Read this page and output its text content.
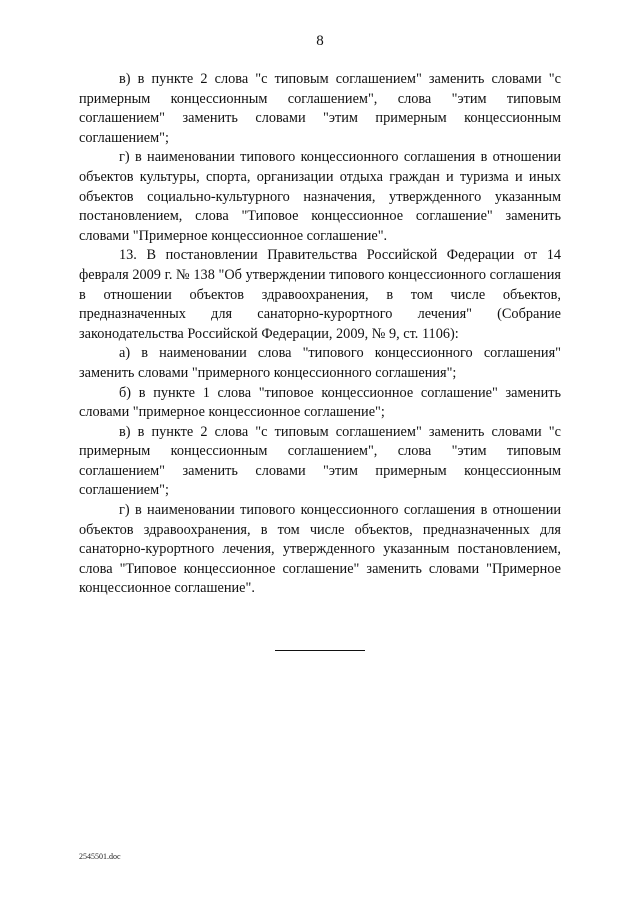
8

в) в пункте 2 слова "с типовым соглашением" заменить словами "с примерным концессионным соглашением", слова "этим типовым соглашением" заменить словами "этим примерным концессионным соглашением";

г) в наименовании типового концессионного соглашения в отношении объектов культуры, спорта, организации отдыха граждан и туризма и иных объектов социально-культурного назначения, утвержденного указанным постановлением, слова "Типовое концессионное соглашение" заменить словами "Примерное концессионное соглашение".

13. В постановлении Правительства Российской Федерации от 14 февраля 2009 г. № 138 "Об утверждении типового концессионного соглашения в отношении объектов здравоохранения, в том числе объектов, предназначенных для санаторно-курортного лечения" (Собрание законодательства Российской Федерации, 2009, № 9, ст. 1106):

а) в наименовании слова "типового концессионного соглашения" заменить словами "примерного концессионного соглашения";

б) в пункте 1 слова "типовое концессионное соглашение" заменить словами "примерное концессионное соглашение";

в) в пункте 2 слова "с типовым соглашением" заменить словами "с примерным концессионным соглашением", слова "этим типовым соглашением" заменить словами "этим примерным концессионным соглашением";

г) в наименовании типового концессионного соглашения в отношении объектов здравоохранения, в том числе объектов, предназначенных для санаторно-курортного лечения, утвержденного указанным постановлением, слова "Типовое концессионное соглашение" заменить словами "Примерное концессионное соглашение".

2545501.doc
